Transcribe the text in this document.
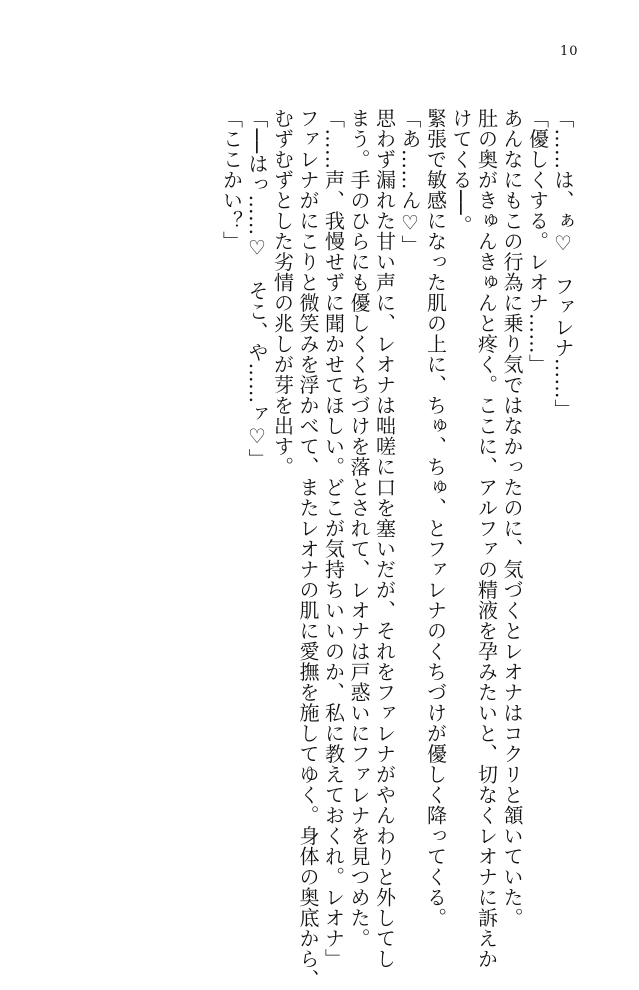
10
「……は、ぁ♡　ファレナ……」
「優しくする。レオナ……」
あんなにもこの行為に乗り気ではなかったのに、気づくとレオナはコクリと頷いていた。
肚の奥がきゅんきゅんと疼く。ここに、アルファの精液を孕みたいと、切なくレオナに訴えか
けてくる──。
緊張で敏感になった肌の上に、ちゅ、ちゅ、とファレナのくちづけが優しく降ってくる。
「あ……ん♡」
思わず漏れた甘い声に、レオナは咄嗟に口を塞いだが、それをファレナがやんわりと外してし
まう。手のひらにも優しくくちづけを落とされて、レオナは戸惑いにファレナを見つめた。
「……声、我慢せずに聞かせてほしい。どこが気持ちいいのか、私に教えておくれ。レオナ」
ファレナがにこりと微笑みを浮かべて、またレオナの肌に愛撫を施してゆく。身体の奥底から、
むずむずとした劣情の兆しが芽を出す。
「──はっ……♡　そこ、や……ァ♡」
「ここかい？」
